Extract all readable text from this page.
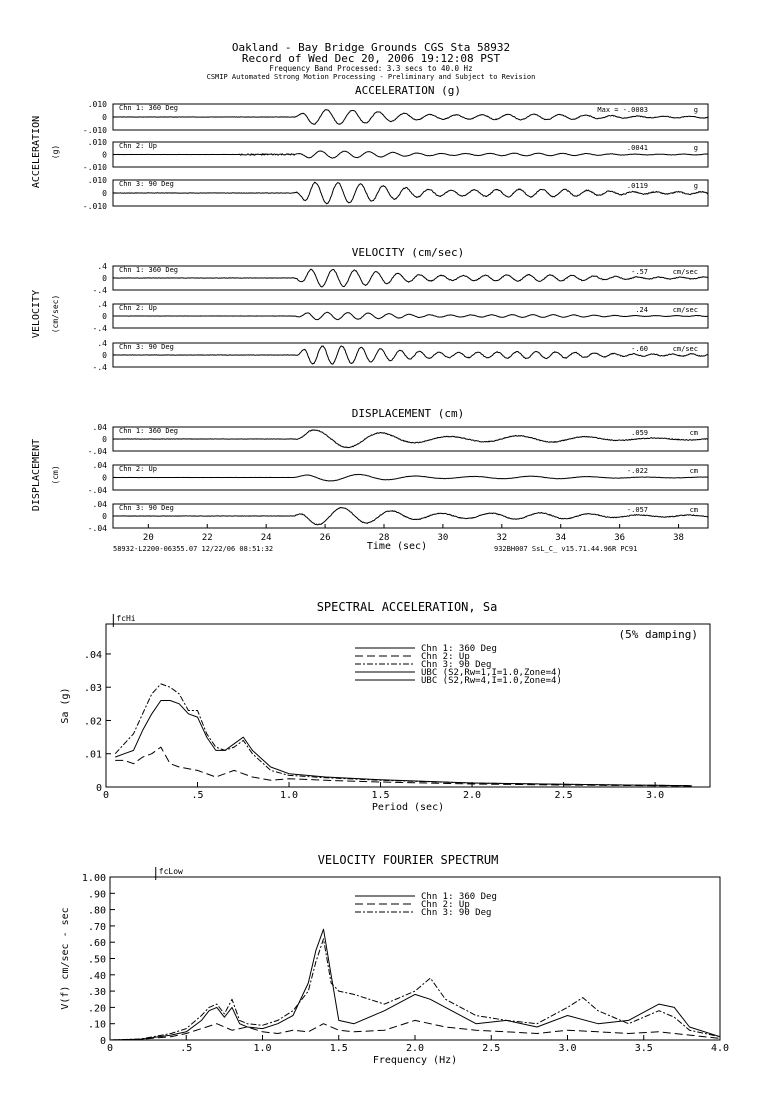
Oakland - Bay Bridge Grounds CGS Sta 58932
Record of Wed Dec 20, 2006 19:12:08 PST
Frequency Band Processed: 3.3 secs to 40.0 Hz
CSMIP Automated Strong Motion Processing - Preliminary and Subject to Revision
ACCELERATION (g)
VELOCITY (cm/sec)
DISPLACEMENT (cm)
ACCELERATION (g)
VELOCITY (cm/sec)
DISPLACEMENT (cm)
.010
0
-.010
Chn 1: 360 Deg	Max = -.0083	g
.010
0
-.010
Chn 2: Up	.0041	g
.010
0
-.010
Chn 3: 90 Deg	.0119	g
.4
0
-.4
Chn 1: 360 Deg	-.57	cm/sec
.4
0
-.4
Chn 2: Up	.24	cm/sec
.4
0
-.4
Chn 3: 90 Deg	-.60	cm/sec
.04
0
-.04
Chn 1: 360 Deg	.059	cm
.04
0
-.04
Chn 2: Up	-.022	cm
.04
0
-.04
Chn 3: 90 Deg	-.057	cm
20	22	24	26	28	30	32	34	36	38
Time (sec)
58932-L2200-06355.07 12/22/06 08:51:32	932BH007 SsL_C_ v15.71.44.96R PC91
SPECTRAL ACCELERATION, Sa
0	.5	1.0	1.5	2.0	2.5	3.0
0
.01
.02
.03
.04
Period (sec)
Sa (g)
fcHi
Chn 1: 360 Deg
Chn 2: Up
Chn 3: 90 Deg
UBC (S2,Rw=1,I=1.0,Zone=4)
UBC (S2,Rw=4,I=1.0,Zone=4)
(5% damping)
VELOCITY FOURIER SPECTRUM
0	.5	1.0	1.5	2.0	2.5	3.0	3.5	4.0
0
.10
.20
.30
.40
.50
.60
.70
.80
.90
1.00
Frequency (Hz)
V(f) cm/sec - sec
fcLow
Chn 1: 360 Deg
Chn 2: Up
Chn 3: 90 Deg
